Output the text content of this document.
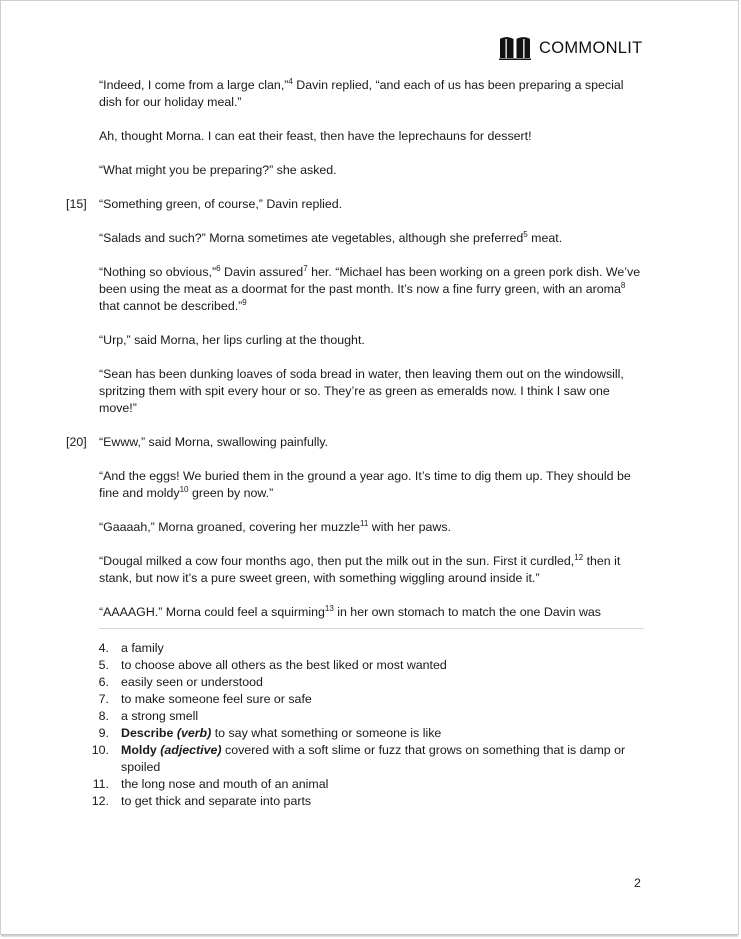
COMMONLIT

“Indeed, I come from a large clan,”$^4$ Davin replied, “and each of us has been preparing a special dish for our holiday meal.”

Ah, thought Morna. I can eat their feast, then have the leprechauns for dessert!

“What might you be preparing?” she asked.

[15] “Something green, of course,” Davin replied.

“Salads and such?” Morna sometimes ate vegetables, although she preferred$^5$ meat.

“Nothing so obvious,”$^6$ Davin assured$^7$ her. “Michael has been working on a green pork dish. We’ve been using the meat as a doormat for the past month. It’s now a fine furry green, with an aroma$^8$ that cannot be described.”$^9$

“Urp,” said Morna, her lips curling at the thought.

“Sean has been dunking loaves of soda bread in water, then leaving them out on the windowsill, spritzing them with spit every hour or so. They’re as green as emeralds now. I think I saw one move!”

[20] “Ewww,” said Morna, swallowing painfully.

“And the eggs! We buried them in the ground a year ago. It’s time to dig them up. They should be fine and moldy$^{10}$ green by now.”

“Gaaaah,” Morna groaned, covering her muzzle$^{11}$ with her paws.

“Dougal milked a cow four months ago, then put the milk out in the sun. First it curdled,$^{12}$ then it stank, but now it’s a pure sweet green, with something wiggling around inside it.”

“AAAAGH.” Morna could feel a squirming$^{13}$ in her own stomach to match the one Davin was

4. a family
5. to choose above all others as the best liked or most wanted
6. easily seen or understood
7. to make someone feel sure or safe
8. a strong smell
9. Describe (verb) to say what something or someone is like
10. Moldy (adjective) covered with a soft slime or fuzz that grows on something that is damp or spoiled
11. the long nose and mouth of an animal
12. to get thick and separate into parts
2
